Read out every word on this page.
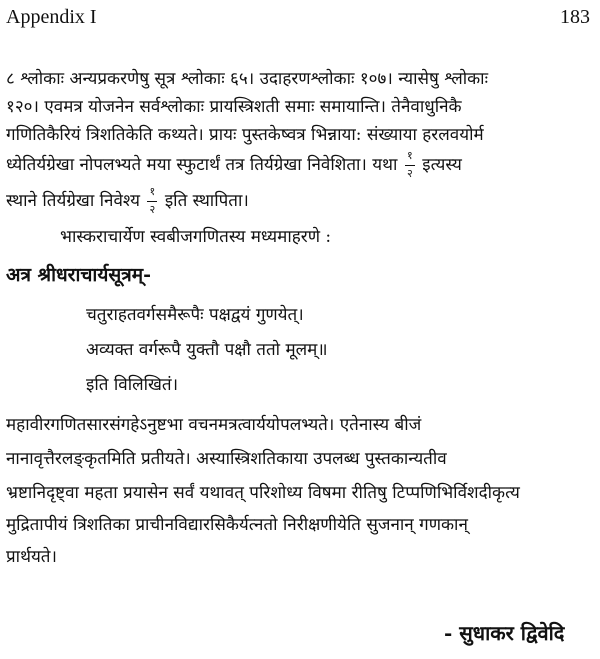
Appendix I	183
८ श्लोकाः अन्यप्रकरणेषु सूत्र श्लोकाः ६५। उदाहरणश्लोकाः १०७। न्यासेषु श्लोकाः
१२०। एवमत्र योजनेन सर्वश्लोकाः प्रायस्त्रिशती समाः समायान्ति। तेनैवाधुनिकै
गणितिकैरियं त्रिशतिकेति कथ्यते। प्रायः पुस्तकेष्वत्र भिन्नाया: संख्याया हरलवयोर्म
ध्येतिर्यग्रेखा नोपलभ्यते मया स्फुटार्थं तत्र तिर्यग्रेखा निवेशिता। यथा $\frac{१}{२}$ इत्यस्य
स्थाने तिर्यग्रेखा निवेश्य $\frac{१}{२}$ इति स्थापिता।
भास्कराचार्येण स्वबीजगणितस्य मध्यमाहरणे :
अत्र श्रीधराचार्यसूत्रम्-
चतुराहतवर्गसमैरूपैः पक्षद्वयं गुणयेत्।
अव्यक्त वर्गरूपै युक्तौ पक्षौ ततो मूलम्॥
इति विलिखितं।
महावीरगणितसारसंगहेऽनुष्टभा वचनमत्रत्वार्ययोपलभ्यते। एतेनास्य बीजं
नानावृत्तैरलङ्कृतमिति प्रतीयते। अस्यास्त्रिशतिकाया उपलब्ध पुस्तकान्यतीव
भ्रष्टानिदृष्ट्वा महता प्रयासेन सर्वं यथावत् परिशोध्य विषमा रीतिषु टिप्पणिभिर्विशदीकृत्य
मुद्रितापीयं त्रिशतिका प्राचीनविद्यारसिकैर्यत्नतो निरीक्षणीयेति सुजनान् गणकान्
प्रार्थयते।
- सुधाकर द्विवेदि
